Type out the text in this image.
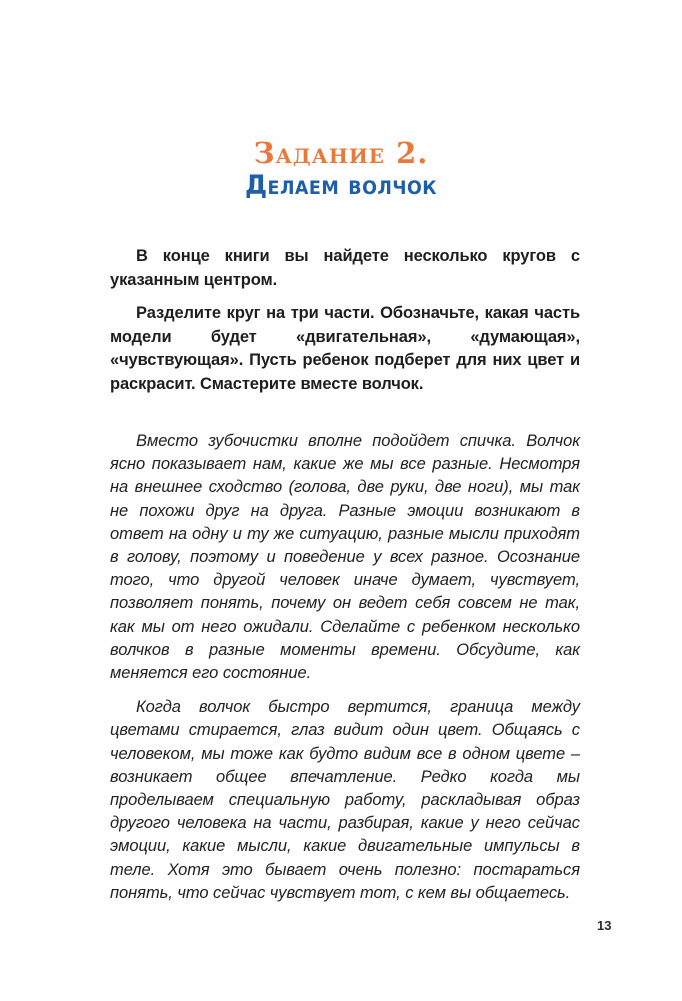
Задание 2.
Делаем волчок

В конце книги вы найдете несколько кругов с указанным центром.

Разделите круг на три части. Обозначьте, какая часть модели будет «двигательная», «думающая», «чувствующая». Пусть ребенок подберет для них цвет и раскрасит. Смастерите вместе волчок.

Вместо зубочистки вполне подойдет спичка. Волчок ясно показывает нам, какие же мы все разные. Несмотря на внешнее сходство (голова, две руки, две ноги), мы так не похожи друг на друга. Разные эмоции возникают в ответ на одну и ту же ситуацию, разные мысли приходят в голову, поэтому и поведение у всех разное. Осознание того, что другой человек иначе думает, чувствует, позволяет понять, почему он ведет себя совсем не так, как мы от него ожидали. Сделайте с ребенком несколько волчков в разные моменты времени. Обсудите, как меняется его состояние.

Когда волчок быстро вертится, граница между цветами стирается, глаз видит один цвет. Общаясь с человеком, мы тоже как будто видим все в одном цвете – возникает общее впечатление. Редко когда мы проделываем специальную работу, раскладывая образ другого человека на части, разбирая, какие у него сейчас эмоции, какие мысли, какие двигательные импульсы в теле. Хотя это бывает очень полезно: постараться понять, что сейчас чувствует тот, с кем вы общаетесь.

13
